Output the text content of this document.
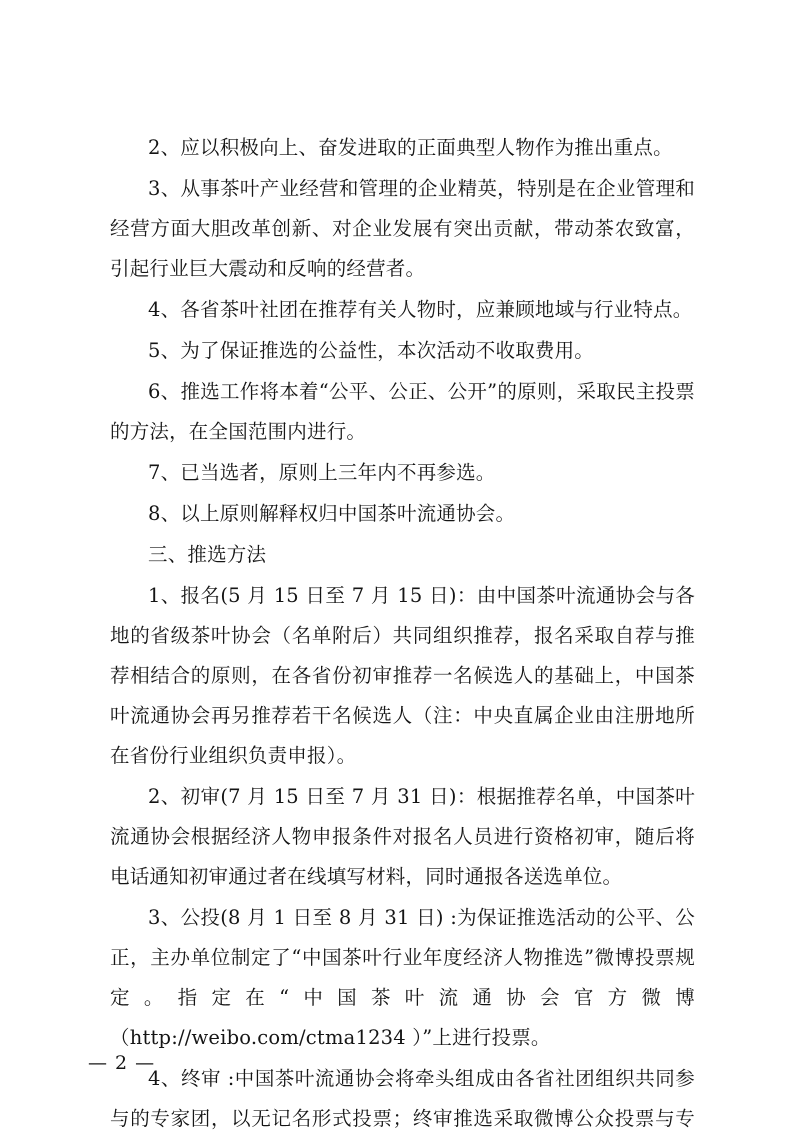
2、应以积极向上、奋发进取的正面典型人物作为推出重点。

3、从事茶叶产业经营和管理的企业精英，特别是在企业管理和经营方面大胆改革创新、对企业发展有突出贡献，带动茶农致富，引起行业巨大震动和反响的经营者。

4、各省茶叶社团在推荐有关人物时，应兼顾地域与行业特点。

5、为了保证推选的公益性，本次活动不收取费用。

6、推选工作将本着“公平、公正、公开”的原则，采取民主投票的方法，在全国范围内进行。

7、已当选者，原则上三年内不再参选。

8、以上原则解释权归中国茶叶流通协会。

三、推选方法

1、报名(5 月 15 日至 7 月 15 日)：由中国茶叶流通协会与各地的省级茶叶协会（名单附后）共同组织推荐，报名采取自荐与推荐相结合的原则，在各省份初审推荐一名候选人的基础上，中国茶叶流通协会再另推荐若干名候选人（注：中央直属企业由注册地所在省份行业组织负责申报）。

2、初审(7 月 15 日至 7 月 31 日)：根据推荐名单，中国茶叶流通协会根据经济人物申报条件对报名人员进行资格初审，随后将电话通知初审通过者在线填写材料，同时通报各送选单位。

3、公投(8 月 1 日至 8 月 31 日) :为保证推选活动的公平、公正，主办单位制定了“中国茶叶行业年度经济人物推选”微博投票规定。指定在“中国茶叶流通协会官方微博（http://weibo.com/ctma1234 ）”上进行投票。

4、终审 :中国茶叶流通协会将牵头组成由各省社团组织共同参与的专家团，以无记名形式投票；终审推选采取微博公众投票与专

— 2 —
